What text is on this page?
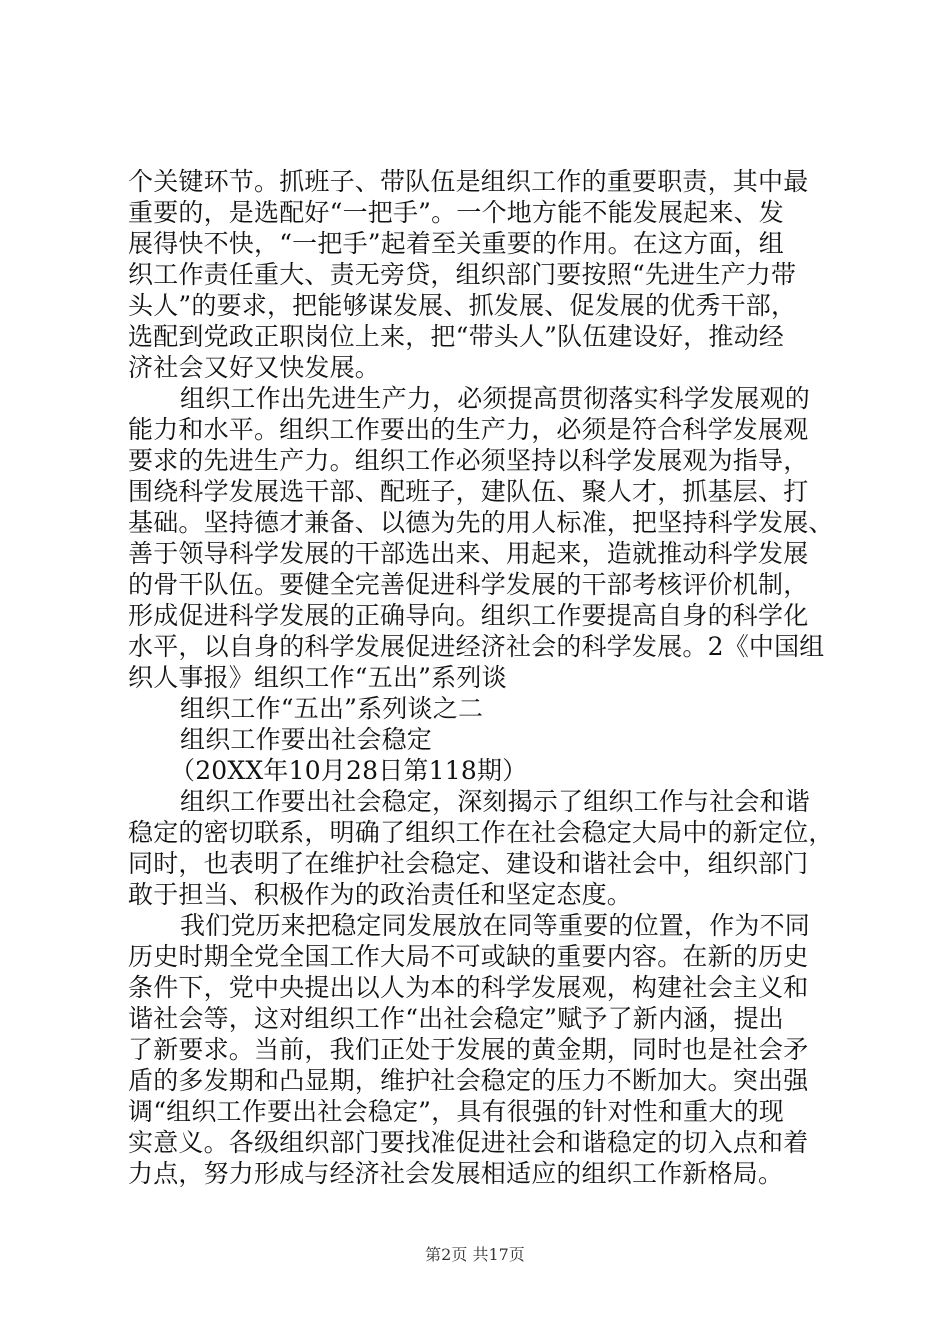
个关键环节。抓班子、带队伍是组织工作的重要职责，其中最
重要的，是选配好“一把手”。一个地方能不能发展起来、发
展得快不快，“一把手”起着至关重要的作用。在这方面，组
织工作责任重大、责无旁贷，组织部门要按照“先进生产力带
头人”的要求，把能够谋发展、抓发展、促发展的优秀干部，
选配到党政正职岗位上来，把“带头人”队伍建设好，推动经
济社会又好又快发展。
组织工作出先进生产力，必须提高贯彻落实科学发展观的
能力和水平。组织工作要出的生产力，必须是符合科学发展观
要求的先进生产力。组织工作必须坚持以科学发展观为指导，
围绕科学发展选干部、配班子，建队伍、聚人才，抓基层、打
基础。坚持德才兼备、以德为先的用人标准，把坚持科学发展、
善于领导科学发展的干部选出来、用起来，造就推动科学发展
的骨干队伍。要健全完善促进科学发展的干部考核评价机制，
形成促进科学发展的正确导向。组织工作要提高自身的科学化
水平，以自身的科学发展促进经济社会的科学发展。2《中国组
织人事报》组织工作“五出”系列谈
组织工作“五出”系列谈之二
组织工作要出社会稳定
（20XX年10月28日第118期）
组织工作要出社会稳定，深刻揭示了组织工作与社会和谐
稳定的密切联系，明确了组织工作在社会稳定大局中的新定位，
同时，也表明了在维护社会稳定、建设和谐社会中，组织部门
敢于担当、积极作为的政治责任和坚定态度。
我们党历来把稳定同发展放在同等重要的位置，作为不同
历史时期全党全国工作大局不可或缺的重要内容。在新的历史
条件下，党中央提出以人为本的科学发展观，构建社会主义和
谐社会等，这对组织工作“出社会稳定”赋予了新内涵，提出
了新要求。当前，我们正处于发展的黄金期，同时也是社会矛
盾的多发期和凸显期，维护社会稳定的压力不断加大。突出强
调“组织工作要出社会稳定”，具有很强的针对性和重大的现
实意义。各级组织部门要找准促进社会和谐稳定的切入点和着
力点，努力形成与经济社会发展相适应的组织工作新格局。
第2页 共17页
